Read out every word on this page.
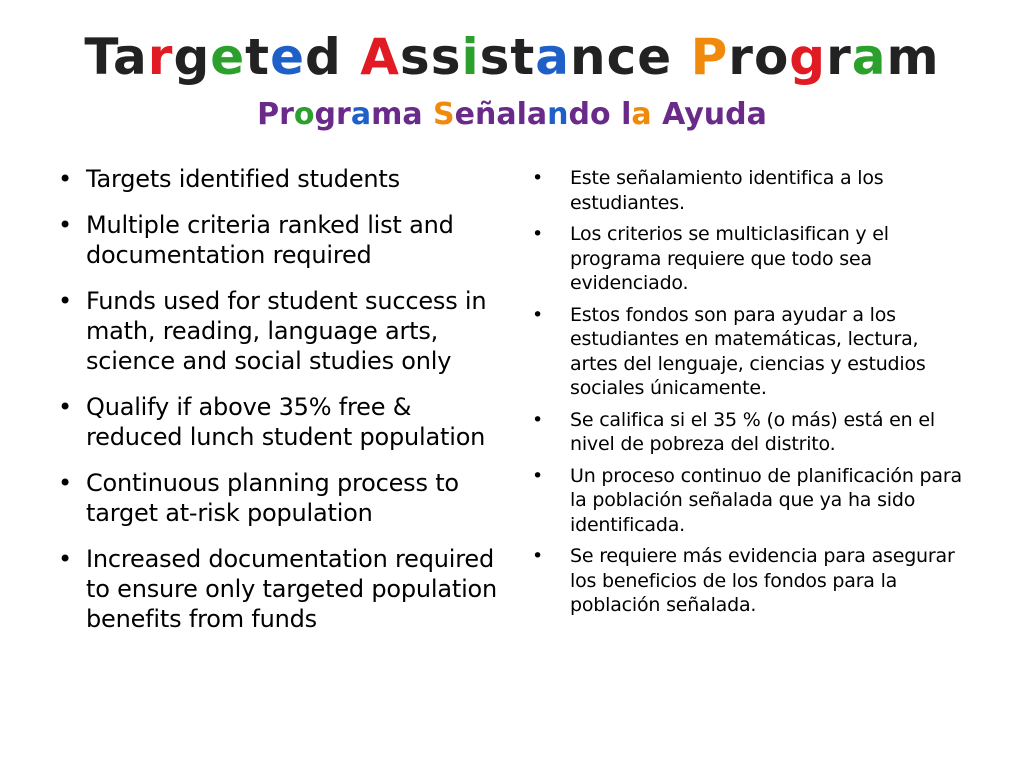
Targeted Assistance Program
Programa Señalando la Ayuda
• Targets identified students
• Multiple criteria ranked list and documentation required
• Funds used for student success in math, reading, language arts, science and social studies only
• Qualify if above 35% free & reduced lunch student population
• Continuous planning process to target at-risk population
• Increased documentation required to ensure only targeted population benefits from funds
• Este señalamiento identifica a los estudiantes.
• Los criterios se multiclasifican y el programa requiere que todo sea evidenciado.
• Estos fondos son para ayudar a los estudiantes en matemáticas, lectura, artes del lenguaje, ciencias y estudios sociales únicamente.
• Se califica si el 35 % (o más) está en el nivel de pobreza del distrito.
• Un proceso continuo de planificación para la población señalada que ya ha sido identificada.
• Se requiere más evidencia para asegurar los beneficios de los fondos para la población señalada.
